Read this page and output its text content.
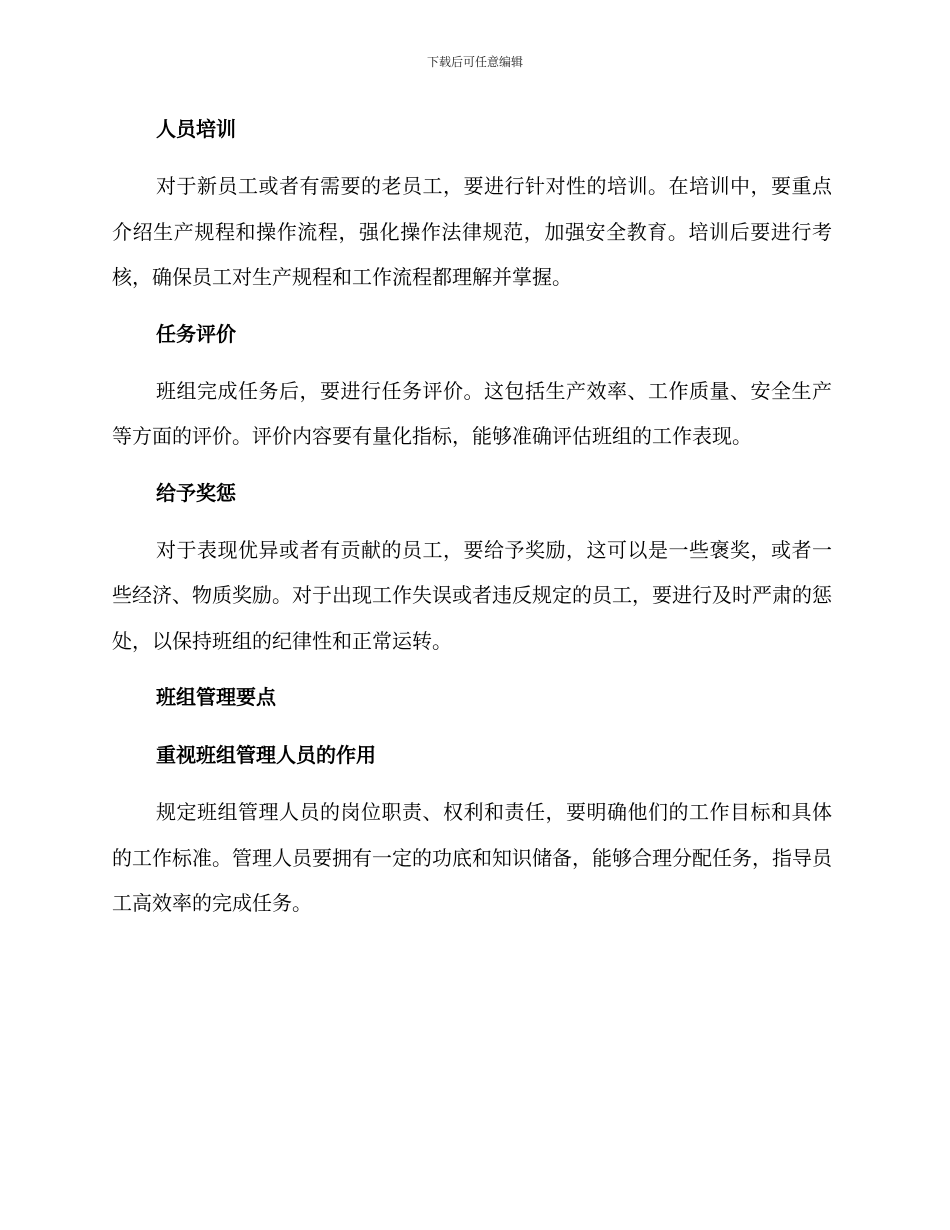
下载后可任意编辑
人员培训

对于新员工或者有需要的老员工，要进行针对性的培训。在培训中，要重点介绍生产规程和操作流程，强化操作法律规范，加强安全教育。培训后要进行考核，确保员工对生产规程和工作流程都理解并掌握。

任务评价

班组完成任务后，要进行任务评价。这包括生产效率、工作质量、安全生产等方面的评价。评价内容要有量化指标，能够准确评估班组的工作表现。

给予奖惩

对于表现优异或者有贡献的员工，要给予奖励，这可以是一些褒奖，或者一些经济、物质奖励。对于出现工作失误或者违反规定的员工，要进行及时严肃的惩处，以保持班组的纪律性和正常运转。

班组管理要点
重视班组管理人员的作用

规定班组管理人员的岗位职责、权利和责任，要明确他们的工作目标和具体的工作标准。管理人员要拥有一定的功底和知识储备，能够合理分配任务，指导员工高效率的完成任务。
